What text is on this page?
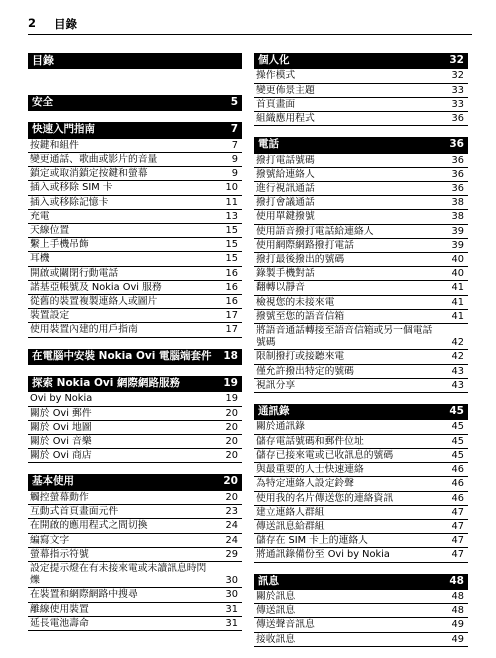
2 目錄
目錄
安全	5
快速入門指南	7
按鍵和組件	7
變更通話、歌曲或影片的音量	9
鎖定或取消鎖定按鍵和螢幕	9
插入或移除 SIM 卡	10
插入或移除記憶卡	11
充電	13
天線位置	15
繫上手機吊飾	15
耳機	15
開啟或關閉行動電話	16
諾基亞帳號及 Nokia Ovi 服務	16
從舊的裝置複製連絡人或圖片	16
裝置設定	17
使用裝置內建的用戶指南	17
在電腦中安裝 Nokia Ovi 電腦端套件 18
探索 Nokia Ovi 網際網路服務	19
Ovi by Nokia	19
關於 Ovi 郵件	20
關於 Ovi 地圖	20
關於 Ovi 音樂	20
關於 Ovi 商店	20
基本使用	20
觸控螢幕動作	20
互動式首頁畫面元件	23
在開啟的應用程式之間切換	24
編寫文字	24
螢幕指示符號	29
設定提示燈在有未接來電或未讀訊息時閃爍	30
在裝置和網際網路中搜尋	30
離線使用裝置	31
延長電池壽命	31
個人化	32
操作模式	32
變更佈景主題	33
首頁畫面	33
組織應用程式	36
電話	36
撥打電話號碼	36
撥號給連絡人	36
進行視訊通話	36
撥打會議通話	38
使用單鍵撥號	38
使用語音撥打電話給連絡人	39
使用網際網路撥打電話	39
撥打最後撥出的號碼	40
錄製手機對話	40
翻轉以靜音	41
檢視您的未接來電	41
撥號至您的語音信箱	41
將語音通話轉接至語音信箱或另一個電話號碼	42
限制撥打或接聽來電	42
僅允許撥出特定的號碼	43
視訊分享	43
通訊錄	45
關於通訊錄	45
儲存電話號碼和郵件位址	45
儲存已接來電或已收訊息的號碼	45
與最重要的人士快速連絡	46
為特定連絡人設定鈴聲	46
使用我的名片傳送您的連絡資訊	46
建立連絡人群組	47
傳送訊息給群組	47
儲存在 SIM 卡上的連絡人	47
將通訊錄備份至 Ovi by Nokia	47
訊息	48
關於訊息	48
傳送訊息	48
傳送聲音訊息	49
接收訊息	49
